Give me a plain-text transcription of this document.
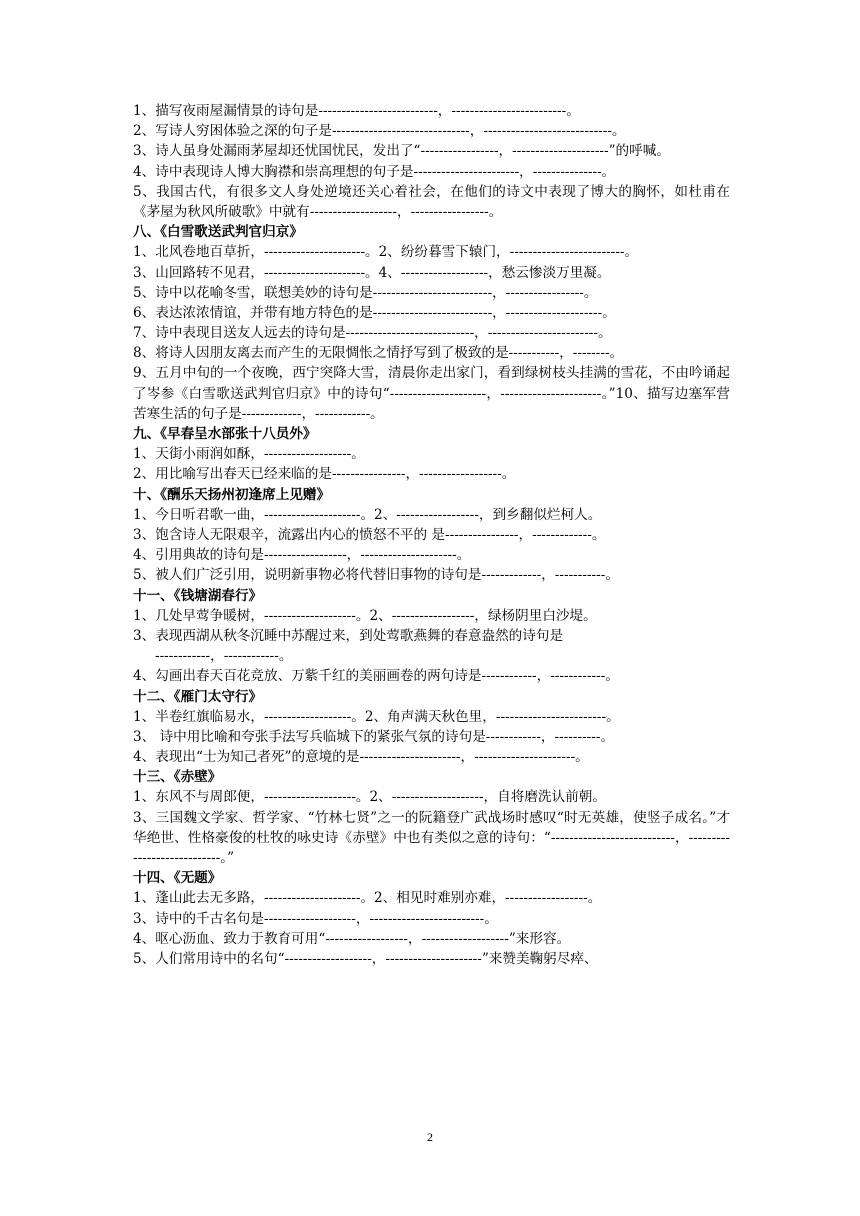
1、描写夜雨屋漏情景的诗句是--------------------------，-------------------------。
2、写诗人穷困体验之深的句子是------------------------------，----------------------------。
3、诗人虽身处漏雨茅屋却还忧国忧民，发出了“-----------------，---------------------”的呼喊。
4、诗中表现诗人博大胸襟和崇高理想的句子是-----------------------，---------------。
5、我国古代，有很多文人身处逆境还关心着社会，在他们的诗文中表现了博大的胸怀，如杜甫在《茅屋为秋风所破歌》中就有-------------------，-----------------。
八、《白雪歌送武判官归京》
1、北风卷地百草折，----------------------。2、纷纷暮雪下辕门，-------------------------。
3、山回路转不见君，----------------------。4、-------------------，愁云惨淡万里凝。
5、诗中以花喻冬雪，联想美妙的诗句是--------------------------，-----------------。
6、表达浓浓情谊，并带有地方特色的是--------------------------，---------------------。
7、诗中表现目送友人远去的诗句是----------------------------，------------------------。
8、将诗人因朋友离去而产生的无限惆怅之情抒写到了极致的是-----------，--------。
9、五月中旬的一个夜晚，西宁突降大雪，清晨你走出家门，看到绿树枝头挂满的雪花，不由吟诵起了岑参《白雪歌送武判官归京》中的诗句“---------------------，----------------------。”10、描写边塞军营苦寒生活的句子是-------------，------------。
九、《早春呈水部张十八员外》
1、天街小雨润如酥，-------------------。
2、用比喻写出春天已经来临的是----------------，------------------。
十、《酬乐天扬州初逢席上见赠》
1、今日听君歌一曲，---------------------。2、------------------，到乡翻似烂柯人。
3、饱含诗人无限艰辛，流露出内心的愤怒不平的 是----------------，-------------。
4、引用典故的诗句是------------------，---------------------。
5、被人们广泛引用，说明新事物必将代替旧事物的诗句是-------------，-----------。
十一、《钱塘湖春行》
1、几处早莺争暖树，--------------------。2、------------------，绿杨阴里白沙堤。
3、表现西湖从秋冬沉睡中苏醒过来，到处莺歌燕舞的春意盎然的诗句是
------------，------------。
4、勾画出春天百花竞放、万紫千红的美丽画卷的两句诗是------------，------------。
十二、《雁门太守行》
1、半卷红旗临易水，-------------------。2、角声满天秋色里，------------------------。
3、 诗中用比喻和夸张手法写兵临城下的紧张气氛的诗句是------------，----------。
4、表现出“士为知己者死”的意境的是----------------------，----------------------。
十三、《赤壁》
1、东风不与周郎便，--------------------。2、--------------------，自将磨洗认前朝。
3、三国魏文学家、哲学家、“竹林七贤”之一的阮籍登广武战场时感叹“时无英雄，使竖子成名。”才华绝世、性格豪俊的杜牧的咏史诗《赤壁》中也有类似之意的诗句：“---------------------------，----------------------------。”
十四、《无题》
1、蓬山此去无多路，---------------------。2、相见时难别亦难，------------------。
3、诗中的千古名句是--------------------，-------------------------。
4、呕心沥血、致力于教育可用“------------------，-------------------”来形容。
5、人们常用诗中的名句“-------------------，---------------------”来赞美鞠躬尽瘁、
2
